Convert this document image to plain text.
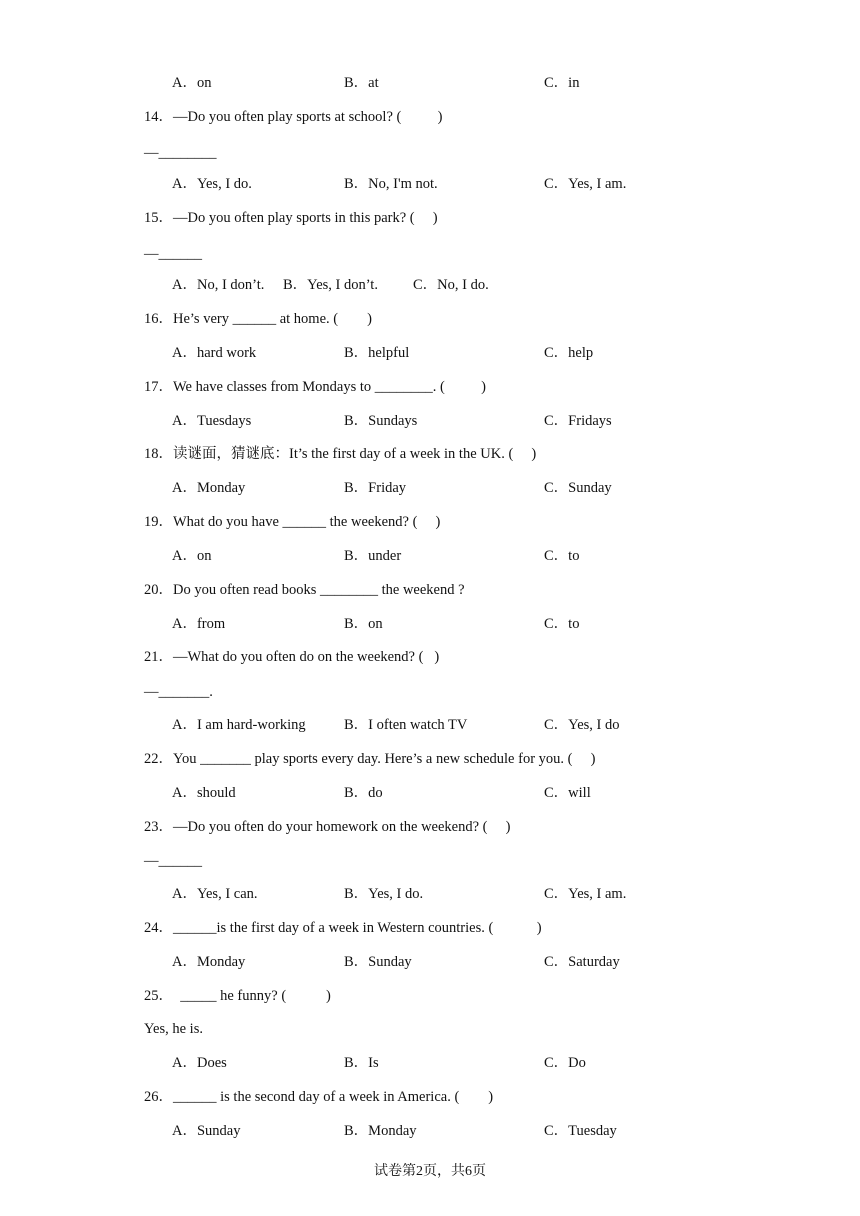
A．on	B．at	C．in
14．—Do you often play sports at school? (          )
—________
A．Yes, I do.	B．No, I'm not.	C．Yes, I am.
15．—Do you often play sports in this park? (     )
—______
A．No, I don’t. B．Yes, I don’t. C．No, I do.
16．He’s very ______ at home. (        )
A．hard work	B．helpful	C．help
17．We have classes from Mondays to ________. (          )
A．Tuesdays	B．Sundays	C．Fridays
18．读谜面，猜谜底：It’s the first day of a week in the UK. (     )
A．Monday	B．Friday	C．Sunday
19．What do you have ______ the weekend? (     )
A．on	B．under	C．to
20．Do you often read books ________ the weekend ?
A．from	B．on	C．to
21．—What do you often do on the weekend? (   )
—_______.
A．I am hard-working	B．I often watch TV	C．Yes, I do
22．You _______ play sports every day. Here’s a new schedule for you. (     )
A．should	B．do	C．will
23．—Do you often do your homework on the weekend? (     )
—______
A．Yes, I can.	B．Yes, I do.	C．Yes, I am.
24．______is the first day of a week in Western countries. (            )
A．Monday	B．Sunday	C．Saturday
25．  _____ he funny? (           )
Yes, he is.
A．Does	B．Is	C．Do
26．______ is the second day of a week in America. (        )
A．Sunday	B．Monday	C．Tuesday
试卷第2页，共6页
